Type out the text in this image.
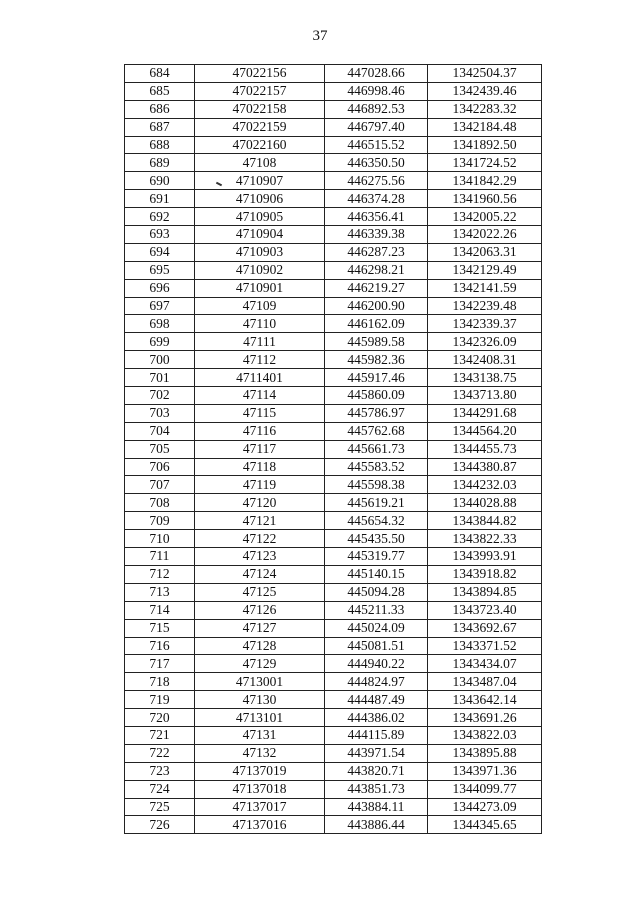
37
684	47022156	447028.66	1342504.37
685	47022157	446998.46	1342439.46
686	47022158	446892.53	1342283.32
687	47022159	446797.40	1342184.48
688	47022160	446515.52	1341892.50
689	47108	446350.50	1341724.52
690	4710907	446275.56	1341842.29
691	4710906	446374.28	1341960.56
692	4710905	446356.41	1342005.22
693	4710904	446339.38	1342022.26
694	4710903	446287.23	1342063.31
695	4710902	446298.21	1342129.49
696	4710901	446219.27	1342141.59
697	47109	446200.90	1342239.48
698	47110	446162.09	1342339.37
699	47111	445989.58	1342326.09
700	47112	445982.36	1342408.31
701	4711401	445917.46	1343138.75
702	47114	445860.09	1343713.80
703	47115	445786.97	1344291.68
704	47116	445762.68	1344564.20
705	47117	445661.73	1344455.73
706	47118	445583.52	1344380.87
707	47119	445598.38	1344232.03
708	47120	445619.21	1344028.88
709	47121	445654.32	1343844.82
710	47122	445435.50	1343822.33
711	47123	445319.77	1343993.91
712	47124	445140.15	1343918.82
713	47125	445094.28	1343894.85
714	47126	445211.33	1343723.40
715	47127	445024.09	1343692.67
716	47128	445081.51	1343371.52
717	47129	444940.22	1343434.07
718	4713001	444824.97	1343487.04
719	47130	444487.49	1343642.14
720	4713101	444386.02	1343691.26
721	47131	444115.89	1343822.03
722	47132	443971.54	1343895.88
723	47137019	443820.71	1343971.36
724	47137018	443851.73	1344099.77
725	47137017	443884.11	1344273.09
726	47137016	443886.44	1344345.65
